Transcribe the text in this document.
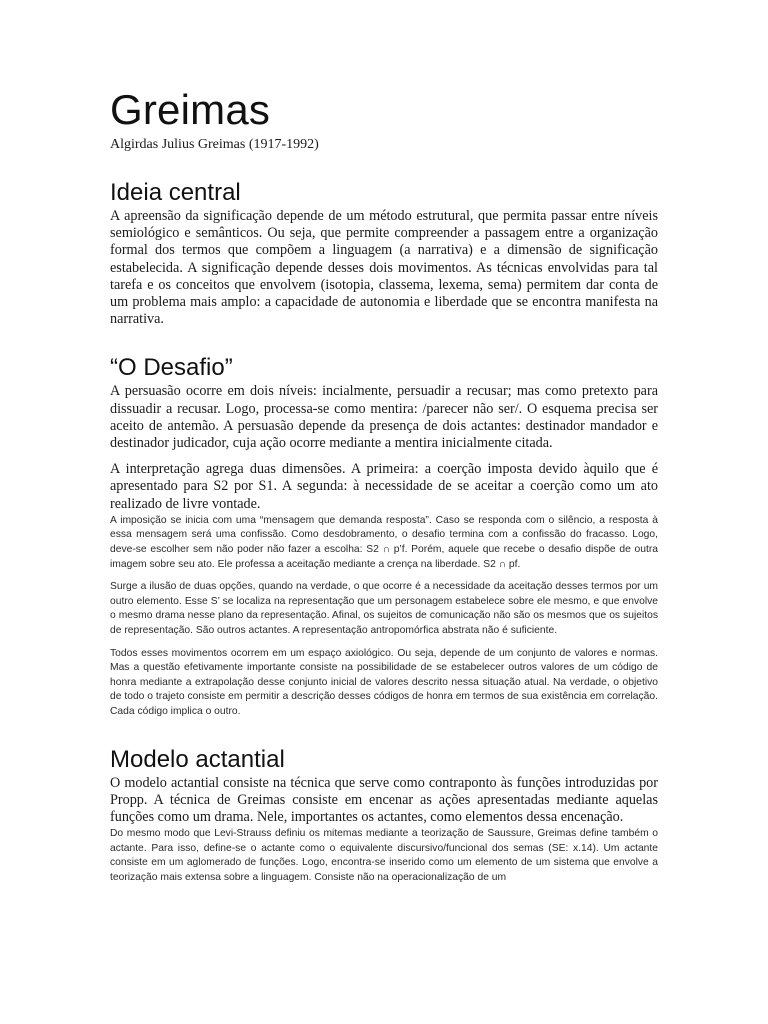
Greimas

Algirdas Julius Greimas (1917-1992)

Ideia central

A apreensão da significação depende de um método estrutural, que permita passar entre níveis semiológico e semânticos. Ou seja, que permite compreender a passagem entre a organização formal dos termos que compõem a linguagem (a narrativa) e a dimensão de significação estabelecida. A significação depende desses dois movimentos. As técnicas envolvidas para tal tarefa e os conceitos que envolvem (isotopia, classema, lexema, sema) permitem dar conta de um problema mais amplo: a capacidade de autonomia e liberdade que se encontra manifesta na narrativa.

“O Desafio”

A persuasão ocorre em dois níveis: incialmente, persuadir a recusar; mas como pretexto para dissuadir a recusar. Logo, processa-se como mentira: /parecer não ser/. O esquema precisa ser aceito de antemão. A persuasão depende da presença de dois actantes: destinador mandador e destinador judicador, cuja ação ocorre mediante a mentira inicialmente citada.

A interpretação agrega duas dimensões. A primeira: a coerção imposta devido àquilo que é apresentado para S2 por S1. A segunda: à necessidade de se aceitar a coerção como um ato realizado de livre vontade.

A imposição se inicia com uma “mensagem que demanda resposta”. Caso se responda com o silêncio, a resposta à essa mensagem será uma confissão. Como desdobramento, o desafio termina com a confissão do fracasso. Logo, deve-se escolher sem não poder não fazer a escolha: S2 ∩ p’f. Porém, aquele que recebe o desafio dispõe de outra imagem sobre seu ato. Ele professa a aceitação mediante a crença na liberdade. S2 ∩ pf.

Surge a ilusão de duas opções, quando na verdade, o que ocorre é a necessidade da aceitação desses termos por um outro elemento. Esse S’ se localiza na representação que um personagem estabelece sobre ele mesmo, e que envolve o mesmo drama nesse plano da representação. Afinal, os sujeitos de comunicação não são os mesmos que os sujeitos de representação. São outros actantes. A representação antropomórfica abstrata não é suficiente.

Todos esses movimentos ocorrem em um espaço axiológico. Ou seja, depende de um conjunto de valores e normas. Mas a questão efetivamente importante consiste na possibilidade de se estabelecer outros valores de um código de honra mediante a extrapolação desse conjunto inicial de valores descrito nessa situação atual. Na verdade, o objetivo de todo o trajeto consiste em permitir a descrição desses códigos de honra em termos de sua existência em correlação. Cada código implica o outro.

Modelo actantial

O modelo actantial consiste na técnica que serve como contraponto às funções introduzidas por Propp. A técnica de Greimas consiste em encenar as ações apresentadas mediante aquelas funções como um drama. Nele, importantes os actantes, como elementos dessa encenação.

Do mesmo modo que Levi-Strauss definiu os mitemas mediante a teorização de Saussure, Greimas define também o actante. Para isso, define-se o actante como o equivalente discursivo/funcional dos semas (SE: x.14). Um actante consiste em um aglomerado de funções. Logo, encontra-se inserido como um elemento de um sistema que envolve a teorização mais extensa sobre a linguagem. Consiste não na operacionalização de um
